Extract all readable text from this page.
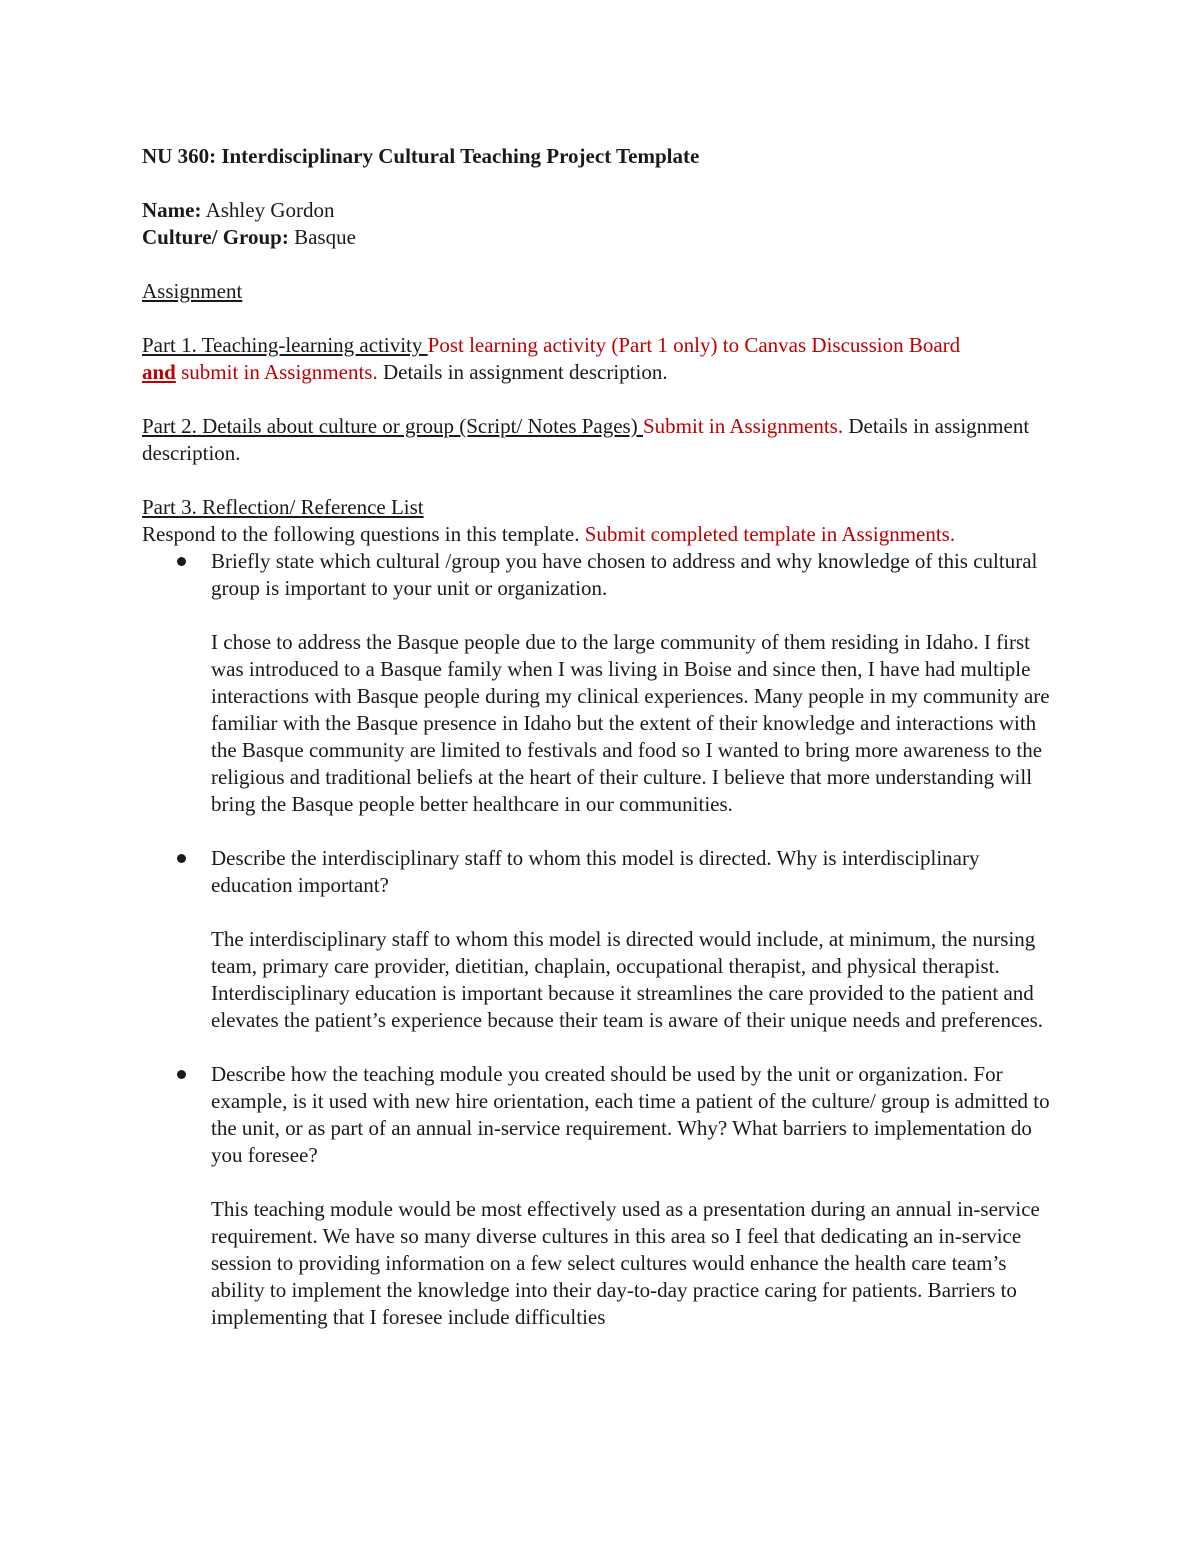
NU 360: Interdisciplinary Cultural Teaching Project Template

Name: Ashley Gordon

Culture/ Group: Basque

Assignment

Part 1. Teaching-learning activity Post learning activity (Part 1 only) to Canvas Discussion Board
and submit in Assignments. Details in assignment description.

Part 2. Details about culture or group (Script/ Notes Pages) Submit in Assignments. Details in assignment description.

Part 3. Reflection/ Reference List

Respond to the following questions in this template. Submit completed template in Assignments.

Briefly state which cultural /group you have chosen to address and why knowledge of this cultural group is important to your unit or organization.

I chose to address the Basque people due to the large community of them residing in Idaho. I first was introduced to a Basque family when I was living in Boise and since then, I have had multiple interactions with Basque people during my clinical experiences. Many people in my community are familiar with the Basque presence in Idaho but the extent of their knowledge and interactions with the Basque community are limited to festivals and food so I wanted to bring more awareness to the religious and traditional beliefs at the heart of their culture. I believe that more understanding will bring the Basque people better healthcare in our communities.

Describe the interdisciplinary staff to whom this model is directed. Why is interdisciplinary education important?

The interdisciplinary staff to whom this model is directed would include, at minimum, the nursing team, primary care provider, dietitian, chaplain, occupational therapist, and physical therapist. Interdisciplinary education is important because it streamlines the care provided to the patient and elevates the patient’s experience because their team is aware of their unique needs and preferences.

Describe how the teaching module you created should be used by the unit or organization. For example, is it used with new hire orientation, each time a patient of the culture/ group is admitted to the unit, or as part of an annual in-service requirement. Why? What barriers to implementation do you foresee?

This teaching module would be most effectively used as a presentation during an annual in-service requirement. We have so many diverse cultures in this area so I feel that dedicating an in-service session to providing information on a few select cultures would enhance the health care team’s ability to implement the knowledge into their day-to-day practice caring for patients. Barriers to implementing that I foresee include difficulties
